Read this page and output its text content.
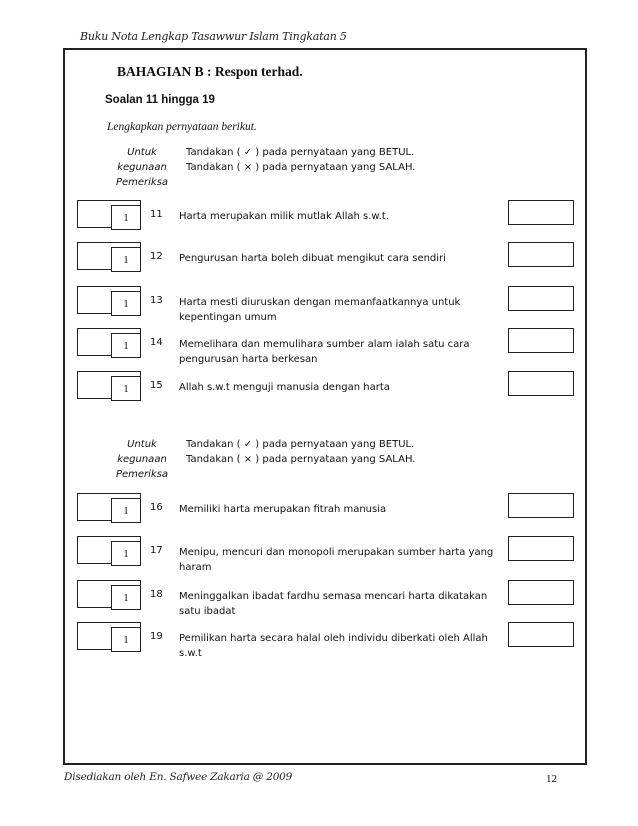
Buku Nota Lengkap Tasawwur Islam Tingkatan 5
BAHAGIAN B : Respon terhad.
Soalan 11 hingga 19
Lengkapkan pernyataan berikut.
Untuk
kegunaan
Pemeriksa
Tandakan ( ✓ ) pada pernyataan yang BETUL.
Tandakan ( × ) pada pernyataan yang SALAH.
1	11 Harta merupakan milik mutlak Allah s.w.t.
1	12 Pengurusan harta boleh dibuat mengikut cara sendiri
1	13 Harta mesti diuruskan dengan memanfaatkannya untuk kepentingan umum
1	14 Memelihara dan memulihara sumber alam ialah satu cara pengurusan harta berkesan
1	15 Allah s.w.t menguji manusia dengan harta
Untuk
kegunaan
Pemeriksa
Tandakan ( ✓ ) pada pernyataan yang BETUL.
Tandakan ( × ) pada pernyataan yang SALAH.
1	16 Memiliki harta merupakan fitrah manusia
1	17 Menipu, mencuri dan monopoli merupakan sumber harta yang haram
1	18 Meninggalkan ibadat fardhu semasa mencari harta dikatakan satu ibadat
1	19 Pemilikan harta secara halal oleh individu diberkati oleh Allah s.w.t
Disediakan oleh En. Safwee Zakaria @ 2009	12
